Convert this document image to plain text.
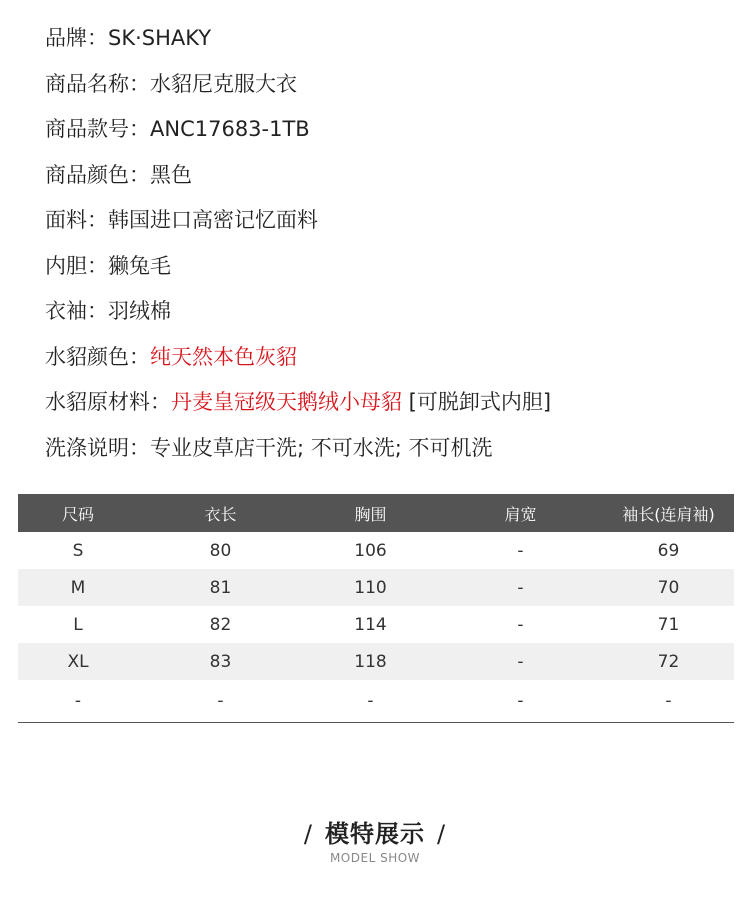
品牌：SK·SHAKY
商品名称：水貂尼克服大衣
商品款号：ANC17683-1TB
商品颜色：黑色
面料：韩国进口高密记忆面料
内胆：獭兔毛
衣袖：羽绒棉
水貂颜色：纯天然本色灰貂
水貂原材料：丹麦皇冠级天鹅绒小母貂 [可脱卸式内胆]
洗涤说明：专业皮草店干洗; 不可水洗; 不可机洗
尺码	衣长	胸围	肩宽	袖长(连肩袖)
S	80	106	-	69
M	81	110	-	70
L	82	114	-	71
XL	83	118	-	72
-	-	-	-	-
/ 模特展示 /
MODEL SHOW
